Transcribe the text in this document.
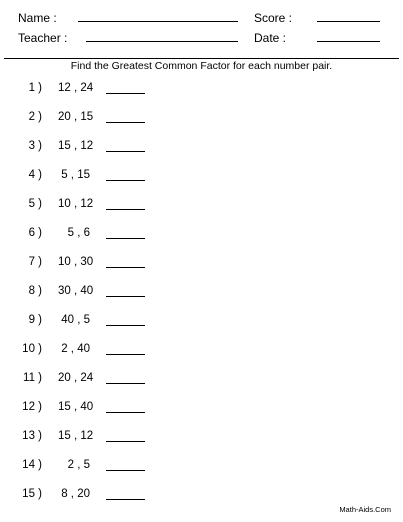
Name :	Score :
Teacher :	Date :
Find the Greatest Common Factor for each number pair.
1 ) 12 , 24
2 ) 20 , 15
3 ) 15 , 12
4 ) 5 , 15
5 ) 10 , 12
6 )	5 , 6
7 ) 10 , 30
8 ) 30 , 40
9 ) 40 , 5
10 ) 2 , 40
11 ) 20 , 24
12 ) 15 , 40
13 ) 15 , 12
14 )	2 , 5
15 ) 8 , 20
Math-Aids.Com
